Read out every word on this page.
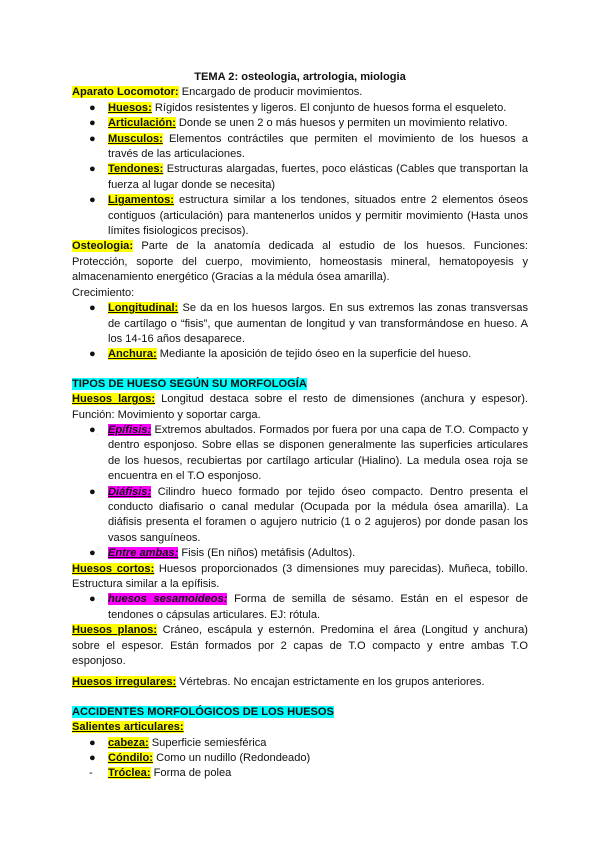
TEMA 2: osteologia, artrologia, miologia

Aparato Locomotor: Encargado de producir movimientos.

● Huesos: Rígidos resistentes y ligeros. El conjunto de huesos forma el esqueleto.
● Articulación: Donde se unen 2 o más huesos y permiten un movimiento relativo.
● Musculos: Elementos contráctiles que permiten el movimiento de los huesos a través de las articulaciones.
● Tendones: Estructuras alargadas, fuertes, poco elásticas (Cables que transportan la fuerza al lugar donde se necesita)
● Ligamentos: estructura similar a los tendones, situados entre 2 elementos óseos contiguos (articulación) para mantenerlos unidos y permitir movimiento (Hasta unos límites fisiologicos precisos).

Osteologia: Parte de la anatomía dedicada al estudio de los huesos. Funciones: Protección, soporte del cuerpo, movimiento, homeostasis mineral, hematopoyesis y almacenamiento energético (Gracias a la médula ósea amarilla).

Crecimiento:

● Longitudinal: Se da en los huesos largos. En sus extremos las zonas transversas de cartílago o “fisis”, que aumentan de longitud y van transformándose en hueso. A los 14-16 años desaparece.
● Anchura: Mediante la aposición de tejido óseo en la superficie del hueso.

TIPOS DE HUESO SEGÚN SU MORFOLOGÍA

Huesos largos: Longitud destaca sobre el resto de dimensiones (anchura y espesor). Función: Movimiento y soportar carga.

● Epífisis: Extremos abultados. Formados por fuera por una capa de T.O. Compacto y dentro esponjoso. Sobre ellas se disponen generalmente las superficies articulares de los huesos, recubiertas por cartílago articular (Hialino). La medula osea roja se encuentra en el T.O esponjoso.
● Diáfisis: Cilindro hueco formado por tejido óseo compacto. Dentro presenta el conducto diafisario o canal medular (Ocupada por la médula ósea amarilla). La diáfisis presenta el foramen o agujero nutricio (1 o 2 agujeros) por donde pasan los vasos sanguíneos.
● Entre ambas: Fisis (En niños) metáfisis (Adultos).

Huesos cortos: Huesos proporcionados (3 dimensiones muy parecidas). Muñeca, tobillo. Estructura similar a la epífisis.

● huesos sesamoideos: Forma de semilla de sésamo. Están en el espesor de tendones o cápsulas articulares. EJ: rótula.

Huesos planos: Cráneo, escápula y esternón. Predomina el área (Longitud y anchura) sobre el espesor. Están formados por 2 capas de T.O compacto y entre ambas T.O esponjoso.

Huesos irregulares: Vértebras. No encajan estrictamente en los grupos anteriores.

ACCIDENTES MORFOLÓGICOS DE LOS HUESOS

Salientes articulares:

● cabeza: Superficie semiesférica
● Cóndilo: Como un nudillo (Redondeado)
- Tróclea: Forma de polea
